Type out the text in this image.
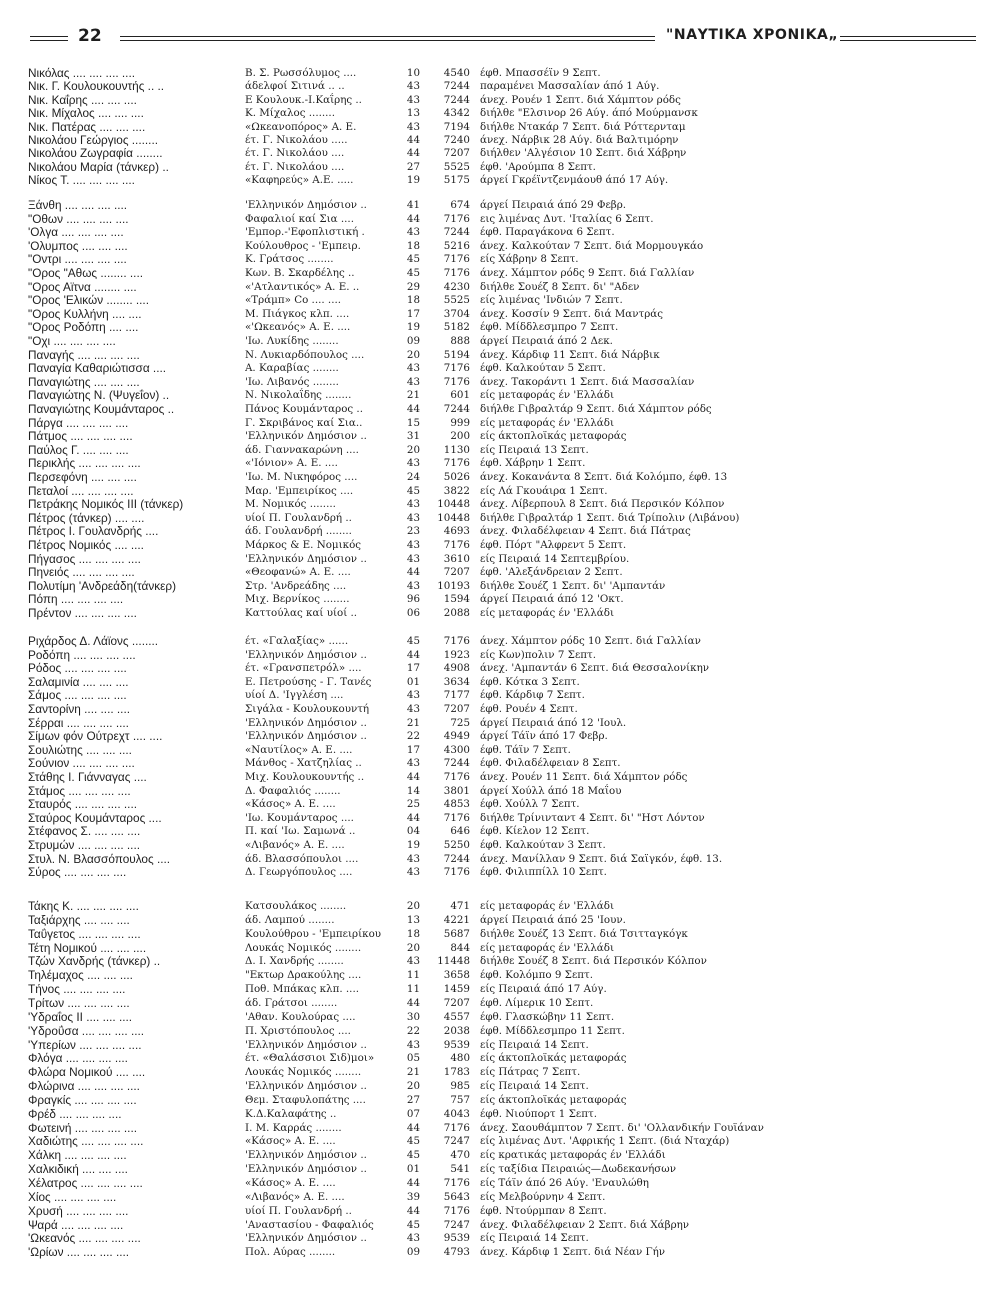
22	"ΝΑΥΤΙΚΑ ΧΡΟΝΙΚΑ„
Νικόλας .... .... .... ....	Β. Σ. Ρωσσόλυμος ....	10	4540 έφθ. Μπασσέϊν 9 Σεπτ.
Νικ. Γ. Κουλουκουντής .. ..	άδελφοί Σιτινά .. ..	43	7244 παραμένει Μασσαλίαν άπό 1 Αύγ.
Νικ. Καΐρης .... .... ....	Ε Κουλουκ.-Ι.Καΐρης ..	43	7244 άνεχ. Ρουέν 1 Σεπτ. διά Χάμπτον ρόδς
Νικ. Μίχαλος .... .... ....	Κ. Μίχαλος ........	13	4342 διήλθε "Ελσινορ 26 Αύγ. άπό Μούρμανσκ
Νικ. Πατέρας .... .... ....	«Ωκεανοπόρος» Α. Ε.	43	7194 διήλθε Ντακάρ 7 Σεπτ. διά Ρόττερνταμ
Νικολάου Γεώργιος ........	έτ. Γ. Νικολάου .....	44	7240 άνεχ. Νάρβικ 28 Αύγ. διά Βαλτιμόρην
Νικολάου Ζωγραφία ........	έτ. Γ. Νικολάου ....	44	7207 διήλθεν 'Αλγέσιον 10 Σεπτ. διά Χάβρην
Νικολάου Μαρία (τάνκερ) ..	έτ. Γ. Νικολάου ....	27	5525 έφθ. 'Αρούμπα 8 Σεπτ.
Νίκος Τ. .... .... .... ....	«Καφηρεύς» Α.Ε. .....	19	5175 άργεί Γκρέϊντζενμάουθ άπό 17 Αύγ.
Ξάνθη .... .... .... ....	'Ελληνικόν Δημόσιον ..	41	674 άργεί Πειραιά άπό 29 Φεβρ.
"Οθων .... .... .... ....	Φαφαλιοί καί Σια ....	44	7176 εις λιμένας Δυτ. 'Ιταλίας 6 Σεπτ.
'Ολγα .... .... .... ....	'Εμπορ.-'Εφοπλιστική .	43	7244 έφθ. Παραγάκονα 6 Σεπτ.
'Ολυμπος .... .... ....	Κούλουθρος - 'Εμπειρ.	18	5216 άνεχ. Καλκούταν 7 Σεπτ. διά Μορμουγκάο
"Οντρι .... .... .... ....	Κ. Γράτσος ........	45	7176 είς Χάβρην 8 Σεπτ.
"Ορος "Αθως ........ ....	Κων. Β. Σκαρδέλης ..	45	7176 άνεχ. Χάμπτον ρόδς 9 Σεπτ. διά Γαλλίαν
"Ορος Αϊτνα ........ ....	«'Ατλαντικός» Α. Ε. ..	29	4230 διήλθε Σουέζ 8 Σεπτ. δι' "Αδεν
"Ορος 'Ελικών ........ ....	«Τράμπ» Co .... ....	18	5525 είς λιμένας 'Ινδιών 7 Σεπτ.
"Ορος Κυλλήνη .... ....	Μ. Πιάγκος κλπ. ....	17	3704 άνεχ. Κοσσίν 9 Σεπτ. διά Μαντράς
"Ορος Ροδόπη .... ....	«'Ωκεανός» Α. Ε. ....	19	5182 έφθ. Μίδδλεσμπρο 7 Σεπτ.
"Οχι .... .... .... ....	'Ιω. Λυκίδης ........	09	888 άργεί Πειραιά άπό 2 Δεκ.
Παναγής .... .... .... ....	Ν. Λυκιαρδόπουλος ....	20	5194 άνεχ. Κάρδιφ 11 Σεπτ. διά Νάρβικ
Παναγία Καθαριώτισσα ....	Α. Καραβίας ........	43	7176 έφθ. Καλκούταν 5 Σεπτ.
Παναγιώτης .... .... ....	'Ιω. Λιβανός ........	43	7176 άνεχ. Τακοράντι 1 Σεπτ. διά Μασσαλίαν
Παναγιώτης Ν. (Ψυγεΐον) ..	Ν. Νικολαΐδης ........	21	601 είς μεταφοράς έν 'Ελλάδι
Παναγιώτης Κουμάνταρος ..	Πάνος Κουμάνταρος ..	44	7244 διήλθε Γιβραλτάρ 9 Σεπτ. διά Χάμπτον ρόδς
Πάργα .... .... .... ....	Γ. Σκριβάνος καί Σια..	15	999 είς μεταφοράς έν 'Ελλάδι
Πάτμος .... .... .... ....	'Ελληνικόν Δημόσιον ..	31	200 είς άκτοπλοϊκάς μεταφοράς
Παύλος Γ. .... .... ....	άδ. Γιαννακαρώνη ....	20	1130 είς Πειραιά 13 Σεπτ.
Περικλής .... .... .... ....	«'Ιόνιον» Α. Ε. ....	43	7176 έφθ. Χάβρην 1 Σεπτ.
Περσεφόνη .... .... ....	'Ιω. Μ. Νικηφόρος ....	24	5026 άνεχ. Κοκανάντα 8 Σεπτ. διά Κολόμπο, έφθ. 13
Πεταλοί .... .... .... ....	Μαρ. 'Εμπειρίκος ....	45	3822 είς Λά Γκουάιρα 1 Σεπτ.
Πετράκης Νομικός ΙΙΙ (τάνκερ)	Μ. Νομικός ........	43	10448 άνεχ. Λίβερπουλ 8 Σεπτ. διά Περσικόν Κόλπον
Πέτρος (τάνκερ) .... ....	υίοί Π. Γουλανδρή ..	43	10448 διήλθε Γιβραλτάρ 1 Σεπτ. διά Τρίπολιν (Λιβάνου)
Πέτρος Ι. Γουλανδρής ....	άδ. Γουλανδρή ........	23	4693 άνεχ. Φιλαδέλφειαν 4 Σεπτ. διά Πάτρας
Πέτρος Νομικός .... ....	Μάρκος & Ε. Νομικός	43	7176 έφθ. Πόρτ "Αλφρεντ 5 Σεπτ.
Πήγασος .... .... .... ....	'Ελληνικόν Δημόσιον ..	43	3610 είς Πειραιά 14 Σεπτεμβρίου.
Πηνειός .... .... .... ....	«Θεοφανώ» Α. Ε. ....	44	7207 έφθ. 'Αλεξάνδρειαν 2 Σεπτ.
Πολυτίμη 'Ανδρεάδη(τάνκερ)	Στρ. 'Ανδρεάδης ....	43	10193 διήλθε Σουέζ 1 Σεπτ. δι' 'Αμπαντάν
Πόπη .... .... .... ....	Μιχ. Βερνίκος ........	96	1594 άργεί Πειραιά άπό 12 'Οκτ.
Πρέντον .... .... .... ....	Καττούλας καί υίοί ..	06	2088 είς μεταφοράς έν 'Ελλάδι
Ριχάρδος Δ. Λάϊονς ........	έτ. «Γαλαξίας» ......	45	7176 άνεχ. Χάμπτον ρόδς 10 Σεπτ. διά Γαλλίαν
Ροδόπη .... .... .... ....	'Ελληνικόν Δημόσιον ..	44	1923 είς Κων)πολιν 7 Σεπτ.
Ρόδος .... .... .... ....	έτ. «Γρανσπετρόλ» ....	17	4908 άνεχ. 'Αμπαντάν 6 Σεπτ. διά Θεσσαλονίκην
Σαλαμινία .... .... ....	Ε. Πετρούσης - Γ. Τανές	01	3634 έφθ. Κότκα 3 Σεπτ.
Σάμος .... .... .... ....	υίοί Δ. 'Ιγγλέση ....	43	7177 έφθ. Κάρδιφ 7 Σεπτ.
Σαντορίνη .... .... ....	Σιγάλα - Κουλουκουντή	43	7207 έφθ. Ρουέν 4 Σεπτ.
Σέρραι .... .... .... ....	'Ελληνικόν Δημόσιον ..	21	725 άργεί Πειραιά άπό 12 'Ιουλ.
Σίμων φόν Ούτρεχτ .... ....	'Ελληνικόν Δημόσιον ..	22	4949 άργεί Τάϊν άπό 17 Φεβρ.
Σουλιώτης .... .... ....	«Ναυτίλος» Α. Ε. ....	17	4300 έφθ. Τάϊν 7 Σεπτ.
Σούνιον .... .... .... ....	Μάνθος - Χατζηλίας ..	43	7244 έφθ. Φιλαδέλφειαν 8 Σεπτ.
Στάθης Ι. Γιάνναγας ....	Μιχ. Κουλουκουντής ..	44	7176 άνεχ. Ρουέν 11 Σεπτ. διά Χάμπτον ρόδς
Στάμος .... .... .... ....	Δ. Φαφαλιός ........	14	3801 άργεί Χούλλ άπό 18 Μαΐου
Σταυρός .... .... .... ....	«Κάσος» Α. Ε. ....	25	4853 έφθ. Χούλλ 7 Σεπτ.
Σταύρος Κουμάνταρος ....	'Ιω. Κουμάνταρος ....	44	7176 διήλθε Τρίνινταντ 4 Σεπτ. δι' "Ηστ Λόντον
Στέφανος Σ. .... .... ....	Π. καί 'Ιω. Σαμωνά ..	04	646 έφθ. Κίελον 12 Σεπτ.
Στρυμών .... .... .... ....	«Λιβανός» Α. Ε. ....	19	5250 έφθ. Καλκούταν 3 Σεπτ.
Στυλ. Ν. Βλασσόπουλος ....	άδ. Βλασσόπουλοι ....	43	7244 άνεχ. Μανίλλαν 9 Σεπτ. διά Σαϊγκόν, έφθ. 13.
Σύρος .... .... .... ....	Δ. Γεωργόπουλος ....	43	7176 έφθ. Φιλιππίλλ 10 Σεπτ.
Τάκης Κ. .... .... .... ....	Κατσουλάκος ........	20	471 είς μεταφοράς έν 'Ελλάδι
Ταξιάρχης .... .... ....	άδ. Λαμπού ........	13	4221 άργεί Πειραιά άπό 25 'Ιουν.
Ταΰγετος .... .... .... ....	Κουλούθρου - 'Εμπειρίκου	18	5687 διήλθε Σουέζ 13 Σεπτ. διά Τσιτταγκόγκ
Τέτη Νομικού .... .... ....	Λουκάς Νομικός ........	20	844 είς μεταφοράς έν 'Ελλάδι
Τζών Χανδρής (τάνκερ) ..	Δ. Ι. Χανδρής ........	43	11448 διήλθε Σουέζ 8 Σεπτ. διά Περσικόν Κόλπον
Τηλέμαχος .... .... ....	"Εκτωρ Δρακούλης ....	11	3658 έφθ. Κολόμπο 9 Σεπτ.
Τήνος .... .... .... ....	Ποθ. Μπάκας κλπ. ....	11	1459 είς Πειραιά άπό 17 Αύγ.
Τρίτων .... .... .... ....	άδ. Γράτσοι ........	44	7207 έφθ. Λίμερικ 10 Σεπτ.
'Υδραΐος ΙΙ .... .... ....	'Αθαν. Κουλούρας ....	30	4557 έφθ. Γλασκώβην 11 Σεπτ.
'Υδροΰσα .... .... .... ....	Π. Χριστόπουλος ....	22	2038 έφθ. Μίδδλεσμπρο 11 Σεπτ.
'Υπερίων .... .... .... ....	'Ελληνικόν Δημόσιον ..	43	9539 είς Πειραιά 14 Σεπτ.
Φλόγα .... .... .... ....	έτ. «Θαλάσσιοι Σιδ)μοι»	05	480 είς άκτοπλοϊκάς μεταφοράς
Φλώρα Νομικού .... ....	Λουκάς Νομικός ........	21	1783 είς Πάτρας 7 Σεπτ.
Φλώρινα .... .... .... ....	'Ελληνικόν Δημόσιον ..	20	985 είς Πειραιά 14 Σεπτ.
Φραγκίς .... .... .... ....	Θεμ. Σταφυλοπάτης ....	27	757 είς άκτοπλοϊκάς μεταφοράς
Φρέδ .... .... .... ....	Κ.Δ.Καλαφάτης ..	07	4043 έφθ. Νιούπορτ 1 Σεπτ.
Φωτεινή .... .... .... ....	Ι. Μ. Καρράς ........	44	7176 άνεχ. Σαουθάμπτον 7 Σεπτ. δι' 'Ολλανδικήν Γουϊάναν
Χαδιώτης .... .... .... ....	«Κάσος» Α. Ε. ....	45	7247 είς λιμένας Δυτ. 'Αφρικής 1 Σεπτ. (διά Νταχάρ)
Χάλκη .... .... .... ....	'Ελληνικόν Δημόσιον ..	45	470 είς κρατικάς μεταφοράς έν 'Ελλάδι
Χαλκιδική .... .... ....	'Ελληνικόν Δημόσιον ..	01	541 είς ταξίδια Πειραιώς—Δωδεκανήσων
Χέλατρος .... .... .... ....	«Κάσος» Α. Ε. ....	44	7176 είς Τάϊν άπό 26 Αύγ. 'Εναυλώθη
Χίος .... .... .... ....	«Λιβανός» Α. Ε. ....	39	5643 είς Μελβούρνην 4 Σεπτ.
Χρυσή .... .... .... ....	υίοί Π. Γουλανδρή ..	44	7176 έφθ. Ντούρμπαν 8 Σεπτ.
Ψαρά .... .... .... ....	'Αναστασίου - Φαφαλιός	45	7247 άνεχ. Φιλαδέλφειαν 2 Σεπτ. διά Χάβρην
'Ωκεανός .... .... .... ....	'Ελληνικόν Δημόσιον ..	43	9539 είς Πειραιά 14 Σεπτ.
'Ωρίων .... .... .... ....	Πολ. Αύρας ........	09	4793 άνεχ. Κάρδιφ 1 Σεπτ. διά Νέαν Γήν
